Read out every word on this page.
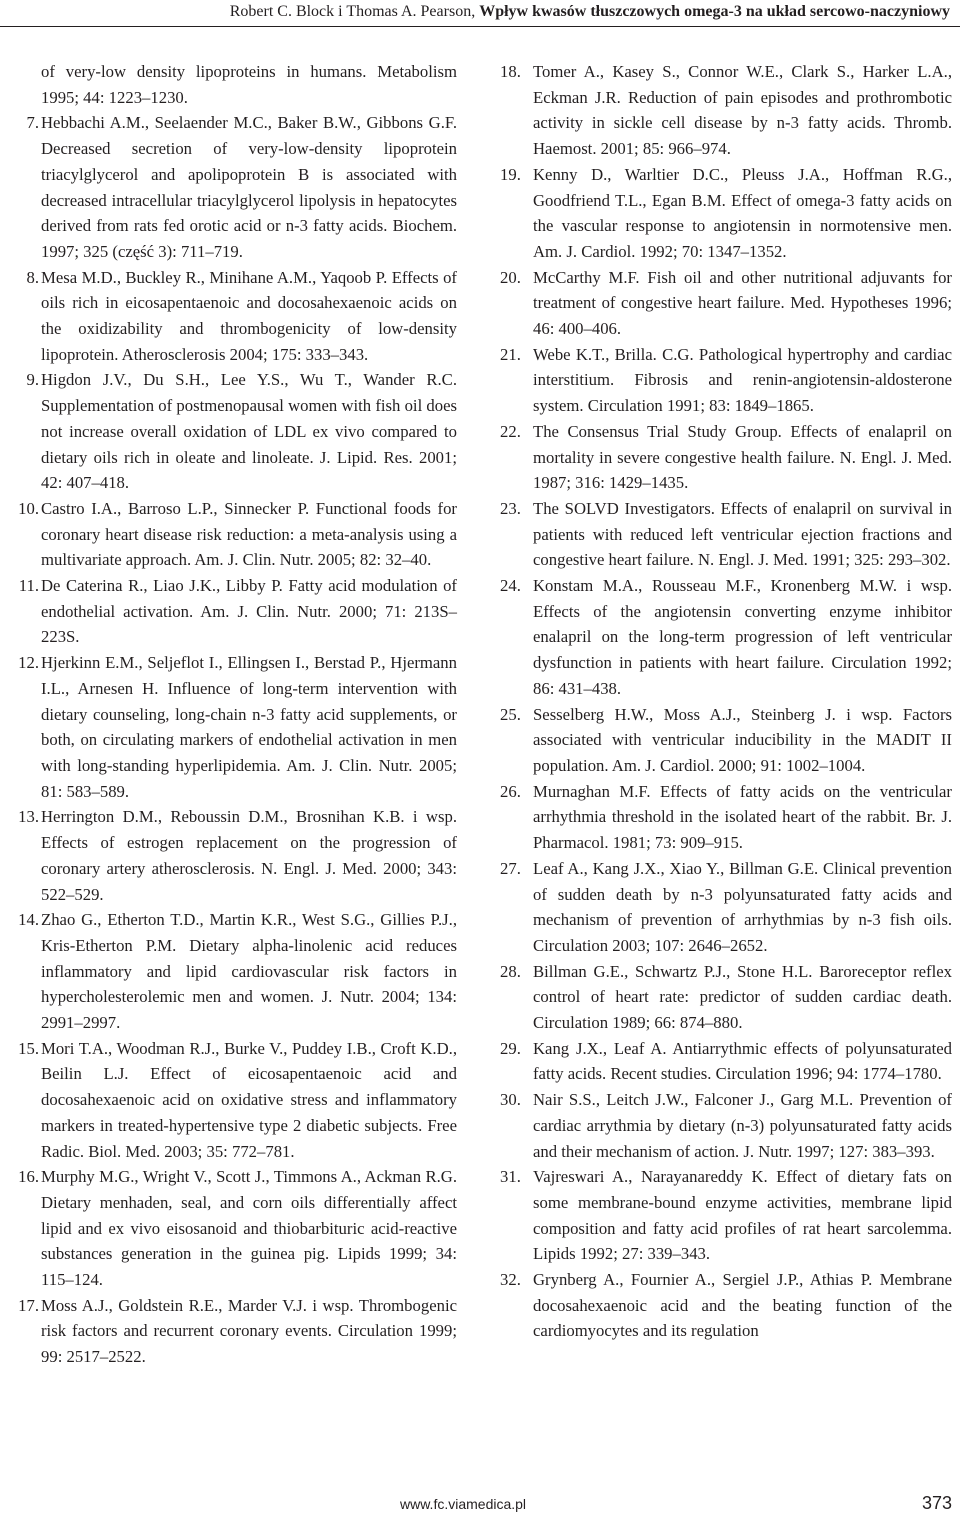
Robert C. Block i Thomas A. Pearson, Wpływ kwasów tłuszczowych omega-3 na układ sercowo-naczyniowy
of very-low density lipoproteins in humans. Metabolism 1995; 44: 1223–1230.
7. Hebbachi A.M., Seelaender M.C., Baker B.W., Gibbons G.F. Decreased secretion of very-low-density lipoprotein triacylglycerol and apolipoprotein B is associated with decreased intracellular triacylglycerol lipolysis in hepatocytes derived from rats fed orotic acid or n-3 fatty acids. Biochem. 1997; 325 (część 3): 711–719.
8. Mesa M.D., Buckley R., Minihane A.M., Yaqoob P. Effects of oils rich in eicosapentaenoic and docosahexaenoic acids on the oxidizability and thrombogenicity of low-density lipoprotein. Atherosclerosis 2004; 175: 333–343.
9. Higdon J.V., Du S.H., Lee Y.S., Wu T., Wander R.C. Supplementation of postmenopausal women with fish oil does not increase overall oxidation of LDL ex vivo compared to dietary oils rich in oleate and linoleate. J. Lipid. Res. 2001; 42: 407–418.
10. Castro I.A., Barroso L.P., Sinnecker P. Functional foods for coronary heart disease risk reduction: a meta-analysis using a multivariate approach. Am. J. Clin. Nutr. 2005; 82: 32–40.
11. De Caterina R., Liao J.K., Libby P. Fatty acid modulation of endothelial activation. Am. J. Clin. Nutr. 2000; 71: 213S–223S.
12. Hjerkinn E.M., Seljeflot I., Ellingsen I., Berstad P., Hjermann I.L., Arnesen H. Influence of long-term intervention with dietary counseling, long-chain n-3 fatty acid supplements, or both, on circulating markers of endothelial activation in men with long-standing hyperlipidemia. Am. J. Clin. Nutr. 2005; 81: 583–589.
13. Herrington D.M., Reboussin D.M., Brosnihan K.B. i wsp. Effects of estrogen replacement on the progression of coronary artery atherosclerosis. N. Engl. J. Med. 2000; 343: 522–529.
14. Zhao G., Etherton T.D., Martin K.R., West S.G., Gillies P.J., Kris-Etherton P.M. Dietary alpha-linolenic acid reduces inflammatory and lipid cardiovascular risk factors in hypercholesterolemic men and women. J. Nutr. 2004; 134: 2991–2997.
15. Mori T.A., Woodman R.J., Burke V., Puddey I.B., Croft K.D., Beilin L.J. Effect of eicosapentaenoic acid and docosahexaenoic acid on oxidative stress and inflammatory markers in treated-hypertensive type 2 diabetic subjects. Free Radic. Biol. Med. 2003; 35: 772–781.
16. Murphy M.G., Wright V., Scott J., Timmons A., Ackman R.G. Dietary menhaden, seal, and corn oils differentially affect lipid and ex vivo eisosanoid and thiobarbituric acid-reactive substances generation in the guinea pig. Lipids 1999; 34: 115–124.
17. Moss A.J., Goldstein R.E., Marder V.J. i wsp. Thrombogenic risk factors and recurrent coronary events. Circulation 1999; 99: 2517–2522.
18. Tomer A., Kasey S., Connor W.E., Clark S., Harker L.A., Eckman J.R. Reduction of pain episodes and prothrombotic activity in sickle cell disease by n-3 fatty acids. Thromb. Haemost. 2001; 85: 966–974.
19. Kenny D., Warltier D.C., Pleuss J.A., Hoffman R.G., Goodfriend T.L., Egan B.M. Effect of omega-3 fatty acids on the vascular response to angiotensin in normotensive men. Am. J. Cardiol. 1992; 70: 1347–1352.
20. McCarthy M.F. Fish oil and other nutritional adjuvants for treatment of congestive heart failure. Med. Hypotheses 1996; 46: 400–406.
21. Webe K.T., Brilla. C.G. Pathological hypertrophy and cardiac interstitium. Fibrosis and renin-angiotensin-aldosterone system. Circulation 1991; 83: 1849–1865.
22. The Consensus Trial Study Group. Effects of enalapril on mortality in severe congestive health failure. N. Engl. J. Med. 1987; 316: 1429–1435.
23. The SOLVD Investigators. Effects of enalapril on survival in patients with reduced left ventricular ejection fractions and congestive heart failure. N. Engl. J. Med. 1991; 325: 293–302.
24. Konstam M.A., Rousseau M.F., Kronenberg M.W. i wsp. Effects of the angiotensin converting enzyme inhibitor enalapril on the long-term progression of left ventricular dysfunction in patients with heart failure. Circulation 1992; 86: 431–438.
25. Sesselberg H.W., Moss A.J., Steinberg J. i wsp. Factors associated with ventricular inducibility in the MADIT II population. Am. J. Cardiol. 2000; 91: 1002–1004.
26. Murnaghan M.F. Effects of fatty acids on the ventricular arrhythmia threshold in the isolated heart of the rabbit. Br. J. Pharmacol. 1981; 73: 909–915.
27. Leaf A., Kang J.X., Xiao Y., Billman G.E. Clinical prevention of sudden death by n-3 polyunsaturated fatty acids and mechanism of prevention of arrhythmias by n-3 fish oils. Circulation 2003; 107: 2646–2652.
28. Billman G.E., Schwartz P.J., Stone H.L. Baroreceptor reflex control of heart rate: predictor of sudden cardiac death. Circulation 1989; 66: 874–880.
29. Kang J.X., Leaf A. Antiarrythmic effects of polyunsaturated fatty acids. Recent studies. Circulation 1996; 94: 1774–1780.
30. Nair S.S., Leitch J.W., Falconer J., Garg M.L. Prevention of cardiac arrythmia by dietary (n-3) polyunsaturated fatty acids and their mechanism of action. J. Nutr. 1997; 127: 383–393.
31. Vajreswari A., Narayanareddy K. Effect of dietary fats on some membrane-bound enzyme activities, membrane lipid composition and fatty acid profiles of rat heart sarcolemma. Lipids 1992; 27: 339–343.
32. Grynberg A., Fournier A., Sergiel J.P., Athias P. Membrane docosahexaenoic acid and the beating function of the cardiomyocytes and its regulation
www.fc.viamedica.pl	373
